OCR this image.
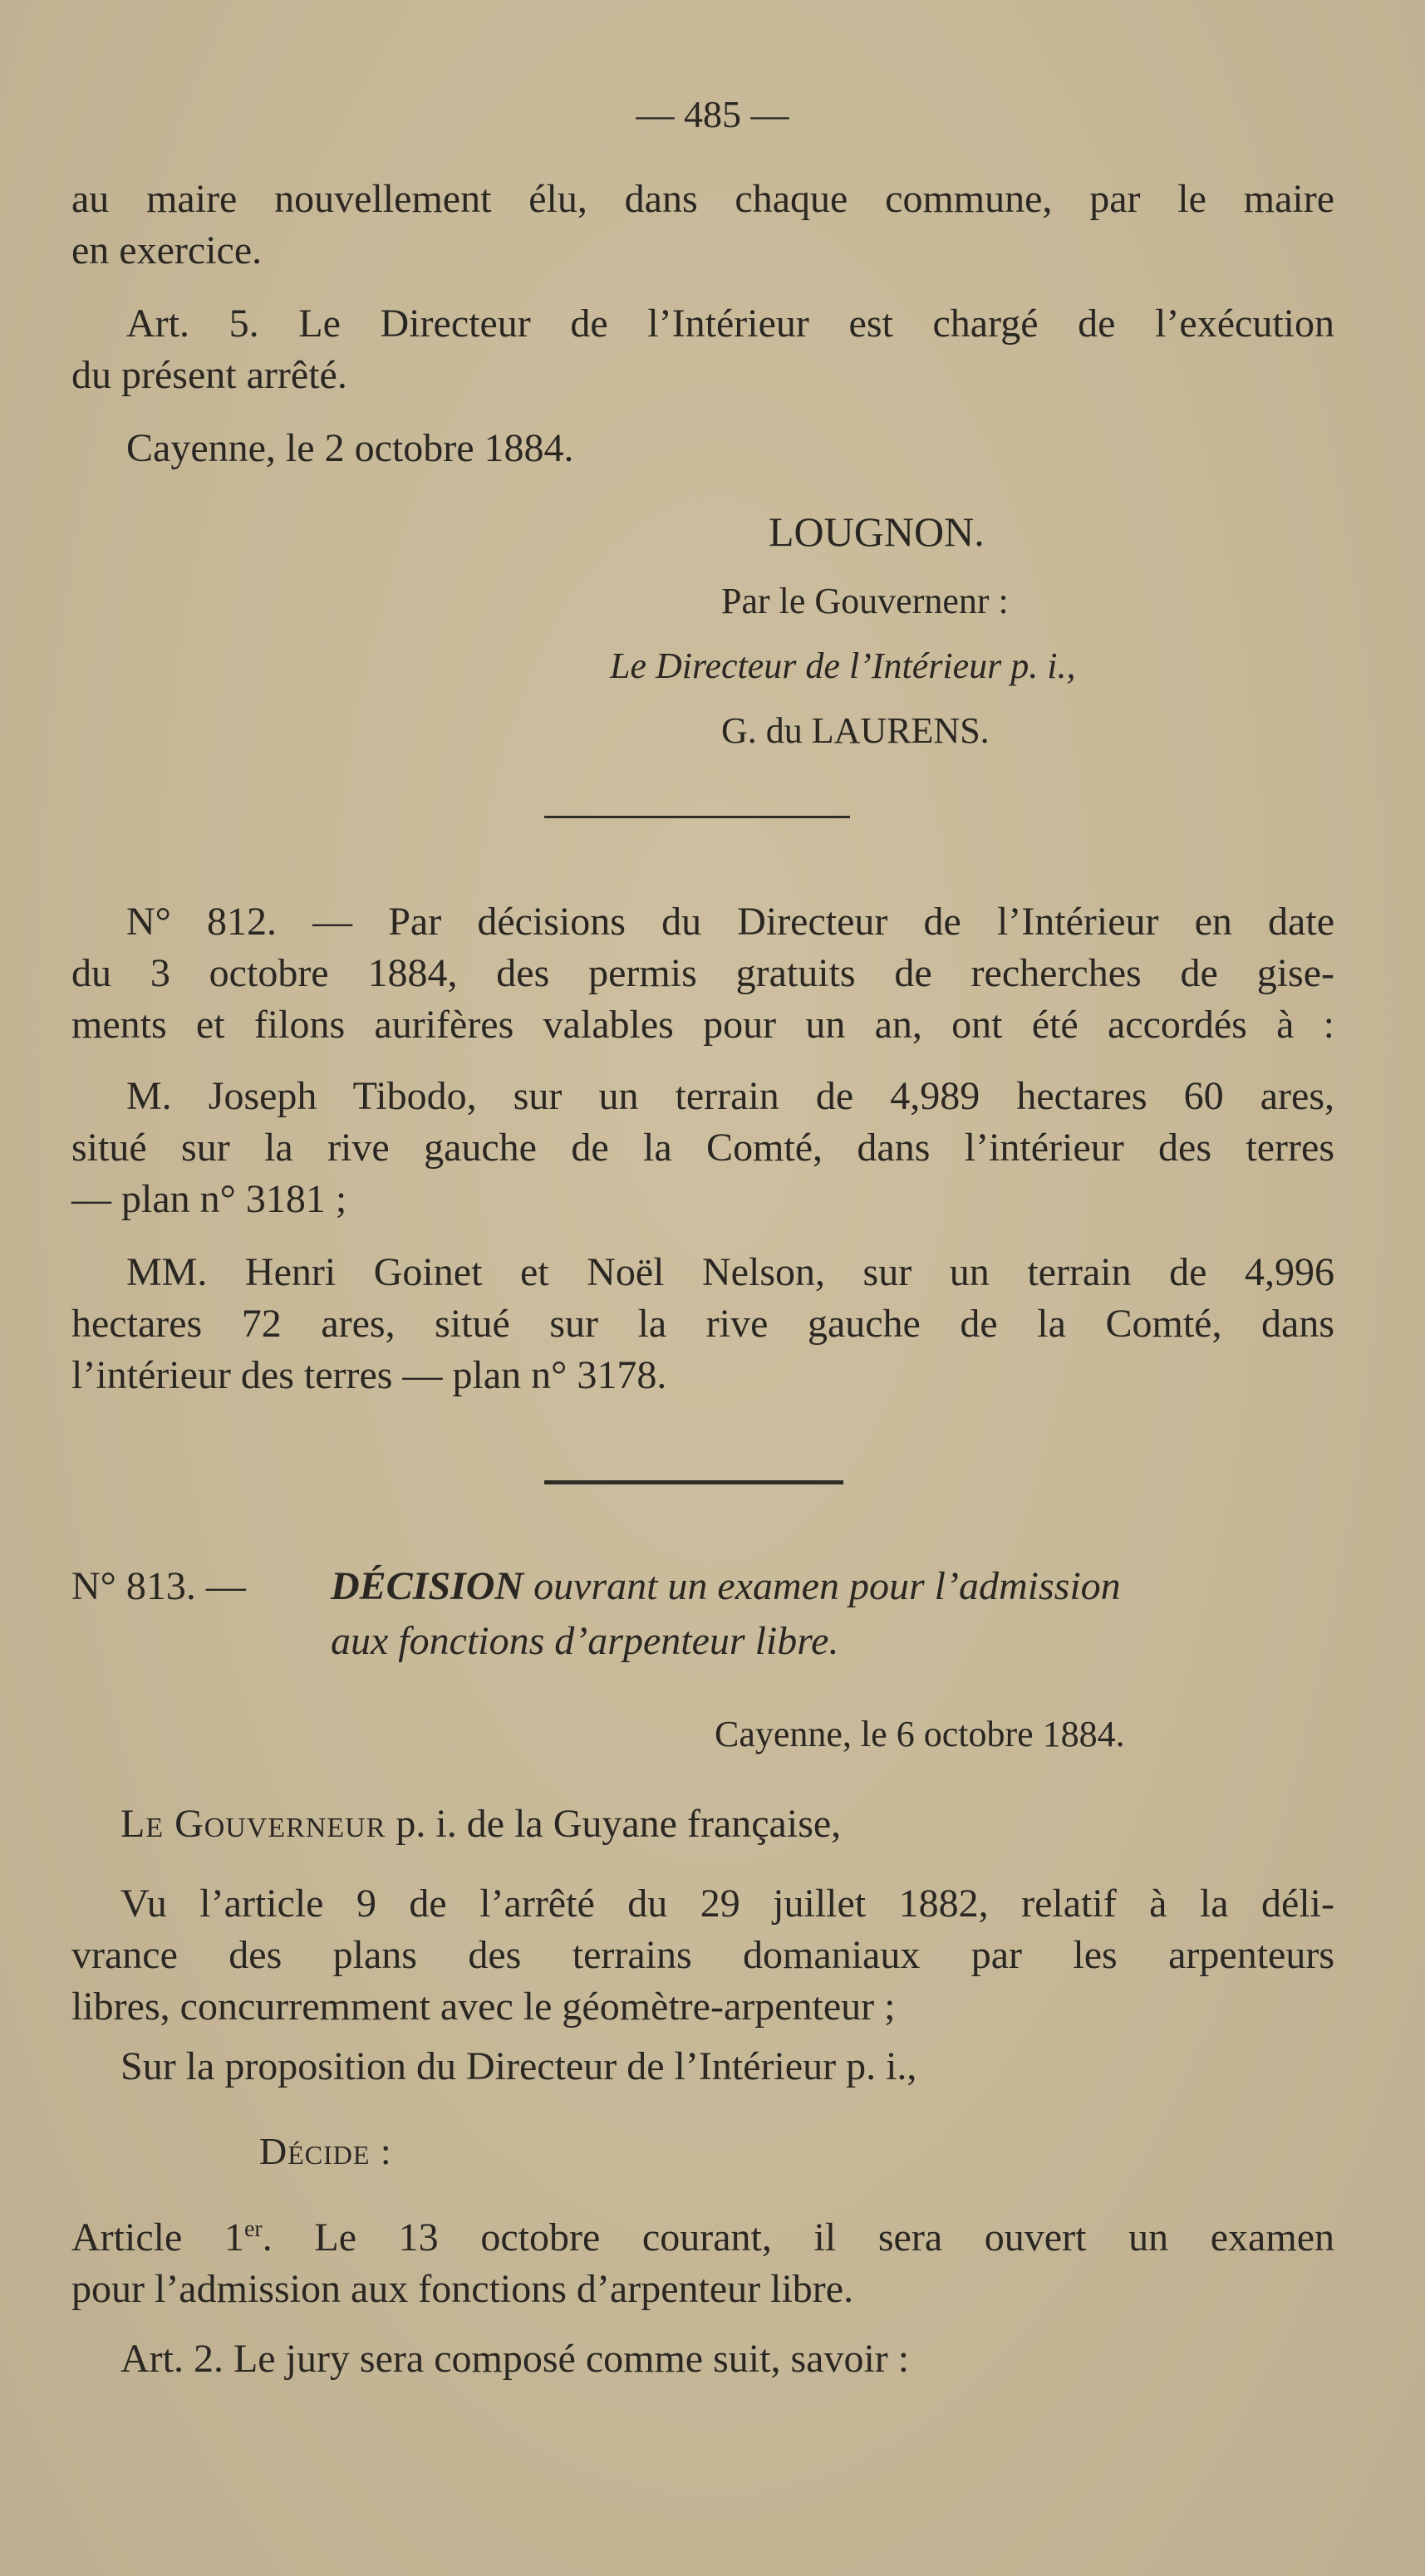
— 485 —
au maire nouvellement élu, dans chaque commune, par le maire
en exercice.
Art. 5. Le Directeur de l’Intérieur est chargé de l’exécution
du présent arrêté.
Cayenne, le 2 octobre 1884.
LOUGNON.
Par le Gouvernenr :
Le Directeur de l’Intérieur p. i.,
G. du LAURENS.
N° 812. — Par décisions du Directeur de l’Intérieur en date
du 3 octobre 1884, des permis gratuits de recherches de gise-
ments et filons aurifères valables pour un an, ont été accordés à :
M. Joseph Tibodo, sur un terrain de 4,989 hectares 60 ares,
situé sur la rive gauche de la Comté, dans l’intérieur des terres
— plan n° 3181 ;
MM. Henri Goinet et Noël Nelson, sur un terrain de 4,996
hectares 72 ares, situé sur la rive gauche de la Comté, dans
l’intérieur des terres — plan n° 3178.
N° 813. —	DÉCISION ouvrant un examen pour l’admission
aux fonctions d’arpenteur libre.
Cayenne, le 6 octobre 1884.
Le Gouverneur p. i. de la Guyane française,
Vu l’article 9 de l’arrêté du 29 juillet 1882, relatif à la déli-
vrance des plans des terrains domaniaux par les arpenteurs
libres, concurremment avec le géomètre-arpenteur ;
Sur la proposition du Directeur de l’Intérieur p. i.,
Décide :
Article 1er. Le 13 octobre courant, il sera ouvert un examen
pour l’admission aux fonctions d’arpenteur libre.
Art. 2. Le jury sera composé comme suit, savoir :
